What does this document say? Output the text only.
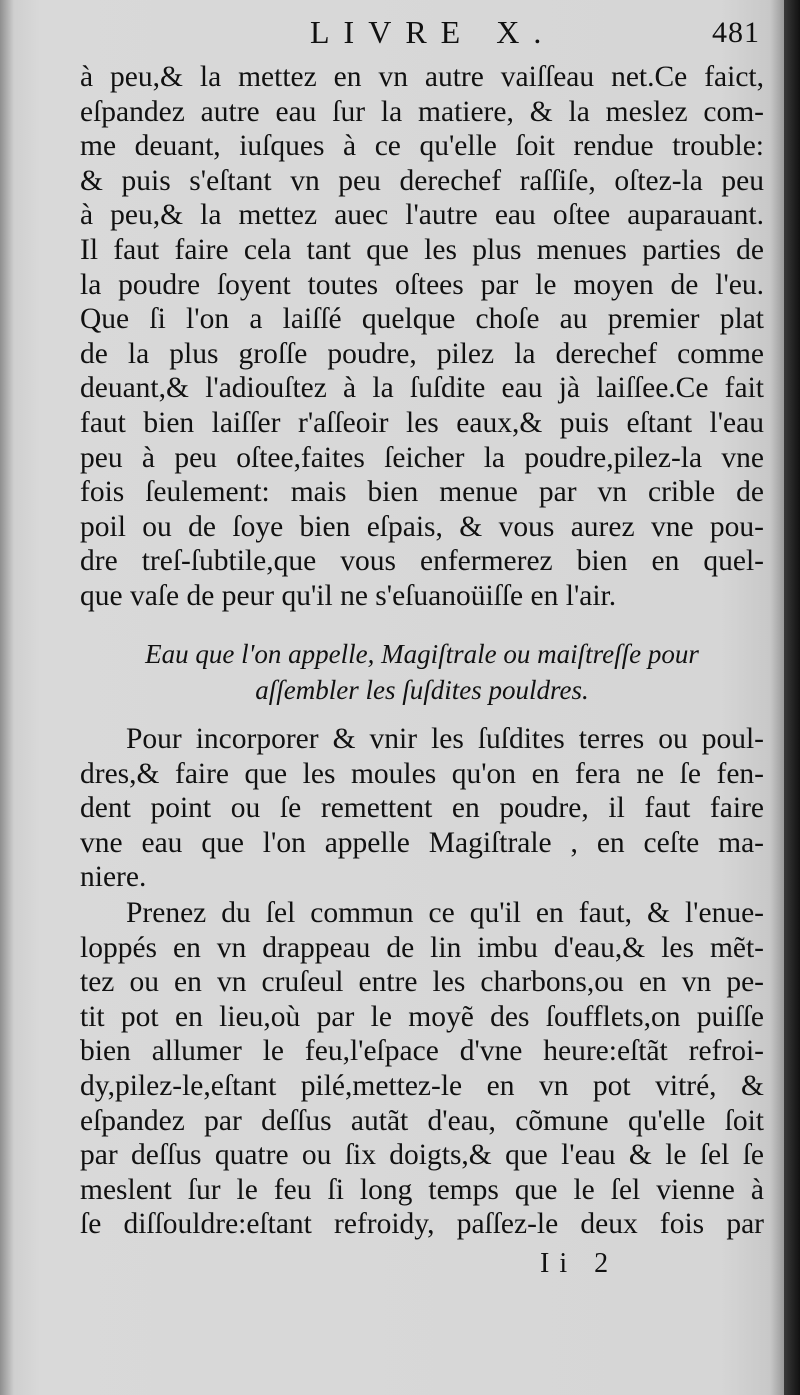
LIVRE X.	481
à peu,& la mettez en vn autre vaiſſeau net.Ce faict,
eſpandez autre eau ſur la matiere, & la meslez com-
me deuant, iuſques à ce qu'elle ſoit rendue trouble:
& puis s'eſtant vn peu derechef raſſiſe, oſtez-la peu
à peu,& la mettez auec l'autre eau oſtee auparauant.
Il faut faire cela tant que les plus menues parties de
la poudre ſoyent toutes oſtees par le moyen de l'eu.
Que ſi l'on a laiſſé quelque choſe au premier plat
de la plus groſſe poudre, pilez la derechef comme
deuant,& l'adiouſtez à la ſuſdite eau jà laiſſee.Ce fait
faut bien laiſſer r'aſſeoir les eaux,& puis eſtant l'eau
peu à peu oſtee,faites ſeicher la poudre,pilez-la vne
fois ſeulement: mais bien menue par vn crible de
poil ou de ſoye bien eſpais, & vous aurez vne pou-
dre treſ-ſubtile,que vous enfermerez bien en quel-
que vaſe de peur qu'il ne s'eſuanoüiſſe en l'air.
Eau que l'on appelle, Magiſtrale ou maiſtreſſe pour
aſſembler les ſuſdites pouldres.
Pour incorporer & vnir les ſuſdites terres ou poul-
dres,& faire que les moules qu'on en fera ne ſe fen-
dent point ou ſe remettent en poudre, il faut faire
vne eau que l'on appelle Magiſtrale , en ceſte ma-
niere.
Prenez du ſel commun ce qu'il en faut, & l'enue-
loppés en vn drappeau de lin imbu d'eau,& les mẽt-
tez ou en vn cruſeul entre les charbons,ou en vn pe-
tit pot en lieu,où par le moyẽ des ſoufflets,on puiſſe
bien allumer le feu,l'eſpace d'vne heure:eſtãt refroi-
dy,pilez-le,eſtant pilé,mettez-le en vn pot vitré, &
eſpandez par deſſus autãt d'eau, cõmune qu'elle ſoit
par deſſus quatre ou ſix doigts,& que l'eau & le ſel ſe
meslent ſur le feu ſi long temps que le ſel vienne à
ſe diſſouldre:eſtant refroidy, paſſez-le deux fois par
Ii 2
